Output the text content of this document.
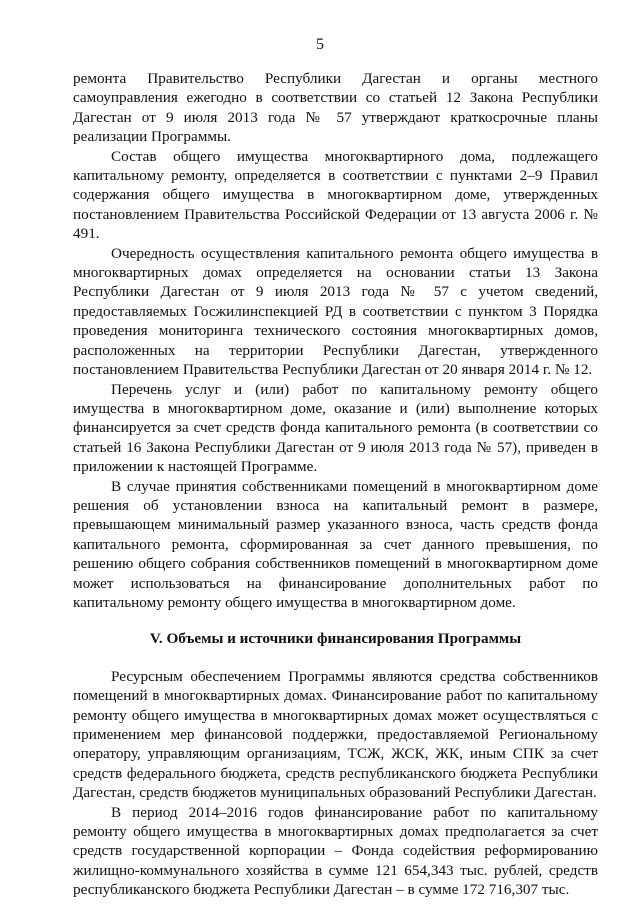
5

ремонта Правительство Республики Дагестан и органы местного самоуправления ежегодно в соответствии со статьей 12 Закона Республики Дагестан от 9 июля 2013 года № 57 утверждают краткосрочные планы реализации Программы.

Состав общего имущества многоквартирного дома, подлежащего капитальному ремонту, определяется в соответствии с пунктами 2–9 Правил содержания общего имущества в многоквартирном доме, утвержденных постановлением Правительства Российской Федерации от 13 августа 2006 г. № 491.

Очередность осуществления капитального ремонта общего имущества в многоквартирных домах определяется на основании статьи 13 Закона Республики Дагестан от 9 июля 2013 года № 57 с учетом сведений, предоставляемых Госжилинспекцией РД в соответствии с пунктом 3 Порядка проведения мониторинга технического состояния многоквартирных домов, расположенных на территории Республики Дагестан, утвержденного постановлением Правительства Республики Дагестан от 20 января 2014 г. № 12.

Перечень услуг и (или) работ по капитальному ремонту общего имущества в многоквартирном доме, оказание и (или) выполнение которых финансируется за счет средств фонда капитального ремонта (в соответствии со статьей 16 Закона Республики Дагестан от 9 июля 2013 года № 57), приведен в приложении к настоящей Программе.

В случае принятия собственниками помещений в многоквартирном доме решения об установлении взноса на капитальный ремонт в размере, превышающем минимальный размер указанного взноса, часть средств фонда капитального ремонта, сформированная за счет данного превышения, по решению общего собрания собственников помещений в многоквартирном доме может использоваться на финансирование дополнительных работ по капитальному ремонту общего имущества в многоквартирном доме.

V. Объемы и источники финансирования Программы

Ресурсным обеспечением Программы являются средства собственников помещений в многоквартирных домах. Финансирование работ по капитальному ремонту общего имущества в многоквартирных домах может осуществляться с применением мер финансовой поддержки, предоставляемой Региональному оператору, управляющим организациям, ТСЖ, ЖСК, ЖК, иным СПК за счет средств федерального бюджета, средств республиканского бюджета Республики Дагестан, средств бюджетов муниципальных образований Республики Дагестан.

В период 2014–2016 годов финансирование работ по капитальному ремонту общего имущества в многоквартирных домах предполагается за счет средств государственной корпорации – Фонда содействия реформированию жилищно-коммунального хозяйства в сумме 121 654,343 тыс. рублей, средств республиканского бюджета Республики Дагестан – в сумме 172 716,307 тыс.
